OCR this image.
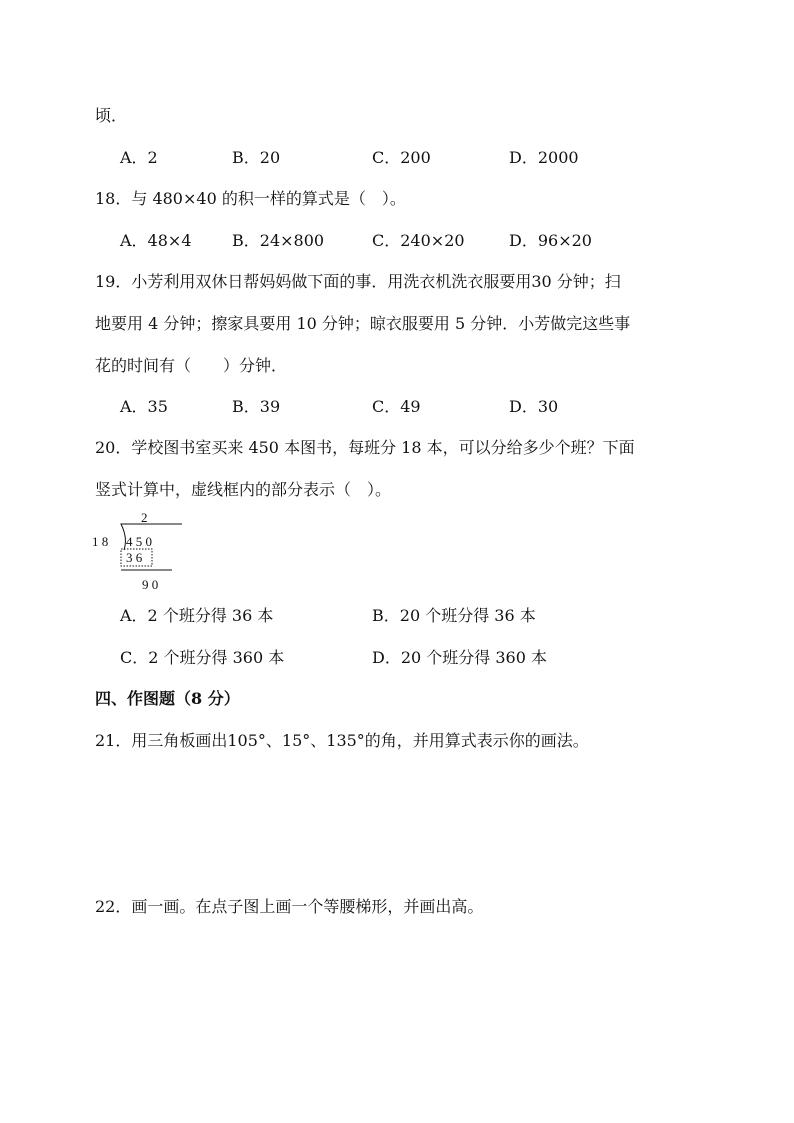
顷．
A．2	B．20	C．200	D．2000
18．与 480×40 的积一样的算式是（　）。
A．48×4	B．24×800	C．240×20	D．96×20
19．小芳利用双休日帮妈妈做下面的事．用洗衣机洗衣服要用30 分钟；扫
地要用 4 分钟；擦家具要用 10 分钟；晾衣服要用 5 分钟．小芳做完这些事
花的时间有（　　）分钟．
A．35	B．39	C．49	D．30
20．学校图书室买来 450 本图书，每班分 18 本，可以分给多少个班？下面
竖式计算中，虚线框内的部分表示（　）。
2
1 8 4 5 0
3 6
9 0
A．2 个班分得 36 本	B．20 个班分得 36 本
C．2 个班分得 360 本	D．20 个班分得 360 本
四、作图题（8 分）
21．用三角板画出105°、15°、135°的角，并用算式表示你的画法。
22．画一画。在点子图上画一个等腰梯形，并画出高。
